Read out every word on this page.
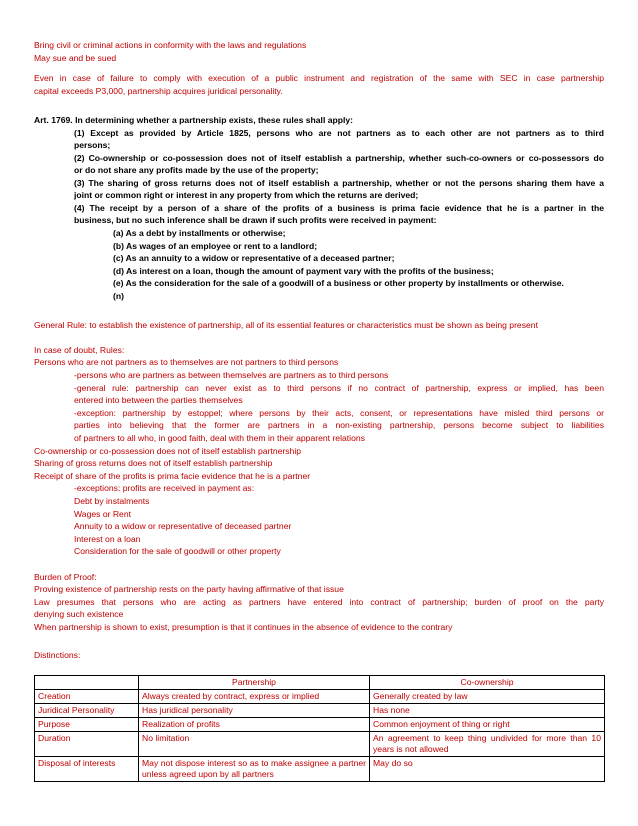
Bring civil or criminal actions in conformity with the laws and regulations
May sue and be sued
Even in case of failure to comply with execution of a public instrument and registration of the same with SEC in case partnership
capital exceeds P3,000, partnership acquires juridical personality.
Art. 1769. In determining whether a partnership exists, these rules shall apply:
(1) Except as provided by Article 1825, persons who are not partners as to each other are not partners as to third
persons;
(2) Co-ownership or co-possession does not of itself establish a partnership, whether such-co-owners or co-possessors do
or do not share any profits made by the use of the property;
(3) The sharing of gross returns does not of itself establish a partnership, whether or not the persons sharing them have a
joint or common right or interest in any property from which the returns are derived;
(4) The receipt by a person of a share of the profits of a business is prima facie evidence that he is a partner in the
business, but no such inference shall be drawn if such profits were received in payment:
(a) As a debt by installments or otherwise;
(b) As wages of an employee or rent to a landlord;
(c) As an annuity to a widow or representative of a deceased partner;
(d) As interest on a loan, though the amount of payment vary with the profits of the business;
(e) As the consideration for the sale of a goodwill of a business or other property by installments or otherwise.
(n)
General Rule: to establish the existence of partnership, all of its essential features or characteristics must be shown as being present
In case of doubt, Rules:
Persons who are not partners as to themselves are not partners to third persons
-persons who are partners as between themselves are partners as to third persons
-general rule: partnership can never exist as to third persons if no contract of partnership, express or implied, has been
entered into between the parties themselves
-exception: partnership by estoppel; where persons by their acts, consent, or representations have misled third persons or
parties into believing that the former are partners in a non-existing partnership, persons become subject to liabilities
of partners to all who, in good faith, deal with them in their apparent relations
Co-ownership or co-possession does not of itself establish partnership
Sharing of gross returns does not of itself establish partnership
Receipt of share of the profits is prima facie evidence that he is a partner
-exceptions: profits are received in payment as:
Debt by instalments
Wages or Rent
Annuity to a widow or representative of deceased partner
Interest on a loan
Consideration for the sale of goodwill or other property
Burden of Proof:
Proving existence of partnership rests on the party having affirmative of that issue
Law presumes that persons who are acting as partners have entered into contract of partnership; burden of proof on the party
denying such existence
When partnership is shown to exist, presumption is that it continues in the absence of evidence to the contrary
Distinctions:
	Partnership	Co-ownership
Creation	Always created by contract, express or implied	Generally created by law
Juridical Personality	Has juridical personality	Has none
Purpose	Realization of profits	Common enjoyment of thing or right
Duration	No limitation	An agreement to keep thing undivided for more than 10 years is not allowed
Disposal of interests	May not dispose interest so as to make assignee a partner unless agreed upon by all partners	May do so
